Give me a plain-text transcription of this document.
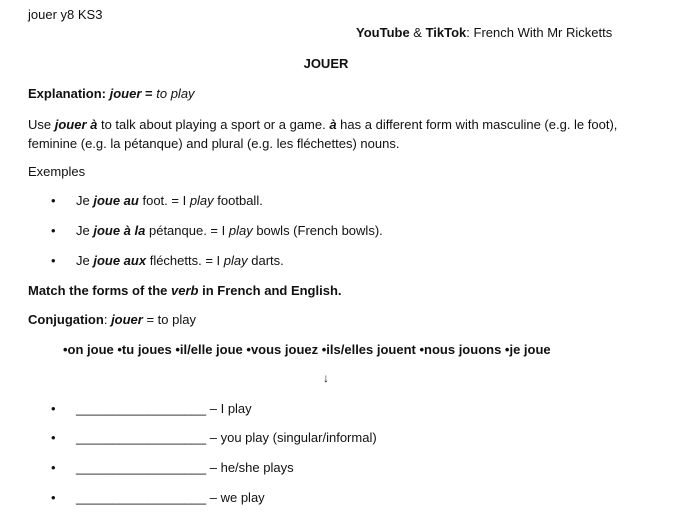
jouer y8 KS3
YouTube & TikTok: French With Mr Ricketts
JOUER
Explanation: jouer = to play
Use jouer à to talk about playing a sport or a game. à has a different form with masculine (e.g. le foot), feminine (e.g. la pétanque) and plural (e.g. les fléchettes) nouns.
Exemples
• Je joue au foot. = I play football.
• Je joue à la pétanque. = I play bowls (French bowls).
• Je joue aux fléchetts. = I play darts.
Match the forms of the verb in French and English.
Conjugation: jouer = to play
•on joue •tu joues •il/elle joue •vous jouez •ils/elles jouent •nous jouons •je joue
↓
• __________________ – I play
• __________________ – you play (singular/informal)
• __________________ – he/she plays
• __________________ – we play
